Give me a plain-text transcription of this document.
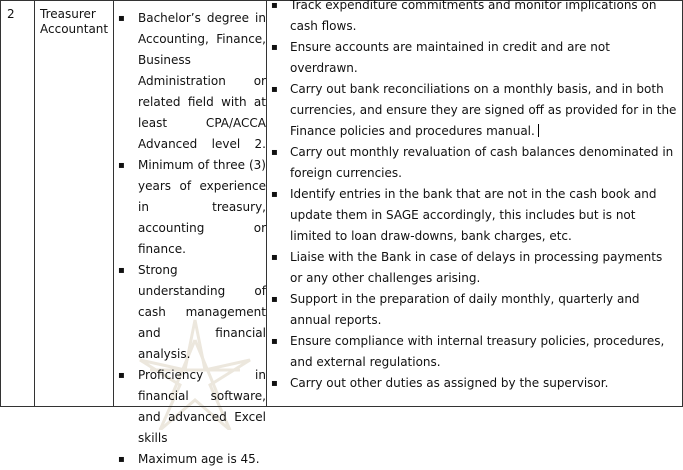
2 Treasurer Accountant
▪ Bachelor’s degree in Accounting, Finance, Business Administration or related field with at least CPA/ACCA Advanced level 2.
▪ Minimum of three (3) years of experience in treasury, accounting or finance.
▪ Strong understanding of cash management and financial analysis.
▪ Proficiency in financial software, and advanced Excel skills
▪ Maximum age is 45.
▪ Track expenditure commitments and monitor implications on cash flows.
▪ Ensure accounts are maintained in credit and are not overdrawn.
▪ Carry out bank reconciliations on a monthly basis, and in both currencies, and ensure they are signed off as provided for in the Finance policies and procedures manual.
▪ Carry out monthly revaluation of cash balances denominated in foreign currencies.
▪ Identify entries in the bank that are not in the cash book and update them in SAGE accordingly, this includes but is not limited to loan draw-downs, bank charges, etc.
▪ Liaise with the Bank in case of delays in processing payments or any other challenges arising.
▪ Support in the preparation of daily monthly, quarterly and annual reports.
▪ Ensure compliance with internal treasury policies, procedures, and external regulations.
▪ Carry out other duties as assigned by the supervisor.
